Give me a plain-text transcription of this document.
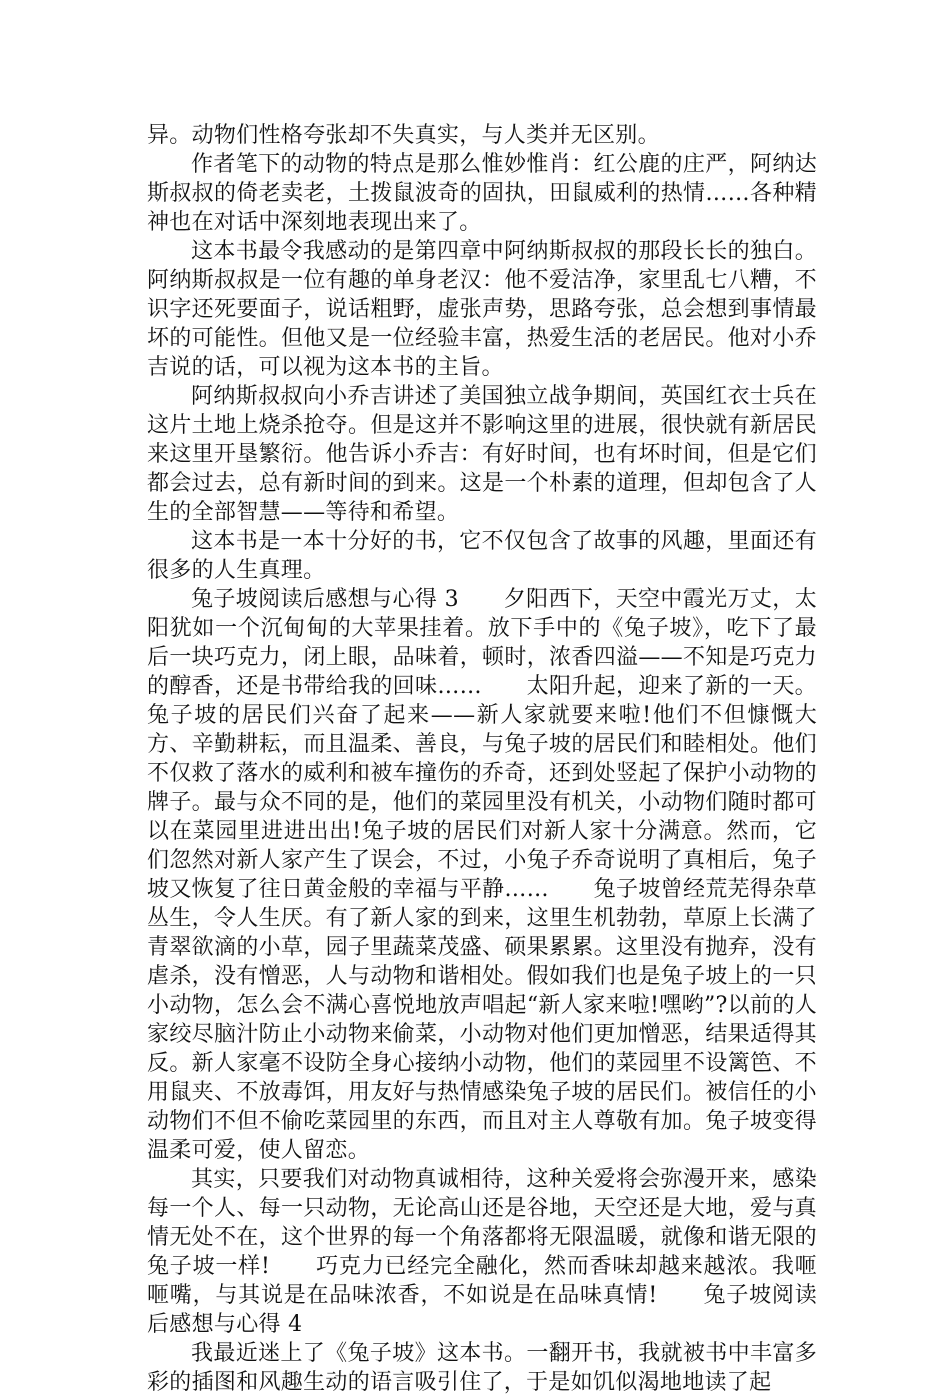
异。动物们性格夸张却不失真实，与人类并无区别。

作者笔下的动物的特点是那么惟妙惟肖：红公鹿的庄严，阿纳达斯叔叔的倚老卖老，土拨鼠波奇的固执，田鼠威利的热情……各种精神也在对话中深刻地表现出来了。

这本书最令我感动的是第四章中阿纳斯叔叔的那段长长的独白。阿纳斯叔叔是一位有趣的单身老汉：他不爱洁净，家里乱七八糟，不识字还死要面子，说话粗野，虚张声势，思路夸张，总会想到事情最坏的可能性。但他又是一位经验丰富，热爱生活的老居民。他对小乔吉说的话，可以视为这本书的主旨。

阿纳斯叔叔向小乔吉讲述了美国独立战争期间，英国红衣士兵在这片土地上烧杀抢夺。但是这并不影响这里的进展，很快就有新居民来这里开垦繁衍。他告诉小乔吉：有好时间，也有坏时间，但是它们都会过去，总有新时间的到来。这是一个朴素的道理，但却包含了人生的全部智慧——等待和希望。

这本书是一本十分好的书，它不仅包含了故事的风趣，里面还有很多的人生真理。

兔子坡阅读后感想与心得 3　　夕阳西下，天空中霞光万丈，太阳犹如一个沉甸甸的大苹果挂着。放下手中的《兔子坡》，吃下了最后一块巧克力，闭上眼，品味着，顿时，浓香四溢——不知是巧克力的醇香，还是书带给我的回味……　　太阳升起，迎来了新的一天。兔子坡的居民们兴奋了起来——新人家就要来啦!他们不但慷慨大方、辛勤耕耘，而且温柔、善良，与兔子坡的居民们和睦相处。他们不仅救了落水的威利和被车撞伤的乔奇，还到处竖起了保护小动物的牌子。最与众不同的是，他们的菜园里没有机关，小动物们随时都可以在菜园里进进出出!兔子坡的居民们对新人家十分满意。然而，它们忽然对新人家产生了误会，不过，小兔子乔奇说明了真相后，兔子坡又恢复了往日黄金般的幸福与平静……　　兔子坡曾经荒芜得杂草丛生，令人生厌。有了新人家的到来，这里生机勃勃，草原上长满了青翠欲滴的小草，园子里蔬菜茂盛、硕果累累。这里没有抛弃，没有虐杀，没有憎恶，人与动物和谐相处。假如我们也是兔子坡上的一只小动物，怎么会不满心喜悦地放声唱起“新人家来啦!嘿哟”?以前的人家绞尽脑汁防止小动物来偷菜，小动物对他们更加憎恶，结果适得其反。新人家毫不设防全身心接纳小动物，他们的菜园里不设篱笆、不用鼠夹、不放毒饵，用友好与热情感染兔子坡的居民们。被信任的小动物们不但不偷吃菜园里的东西，而且对主人尊敬有加。兔子坡变得温柔可爱，使人留恋。

其实，只要我们对动物真诚相待，这种关爱将会弥漫开来，感染每一个人、每一只动物，无论高山还是谷地，天空还是大地，爱与真情无处不在，这个世界的每一个角落都将无限温暖，就像和谐无限的兔子坡一样!　　巧克力已经完全融化，然而香味却越来越浓。我咂咂嘴，与其说是在品味浓香，不如说是在品味真情!　　兔子坡阅读后感想与心得 4

我最近迷上了《兔子坡》这本书。一翻开书，我就被书中丰富多彩的插图和风趣生动的语言吸引住了，于是如饥似渴地地读了起
